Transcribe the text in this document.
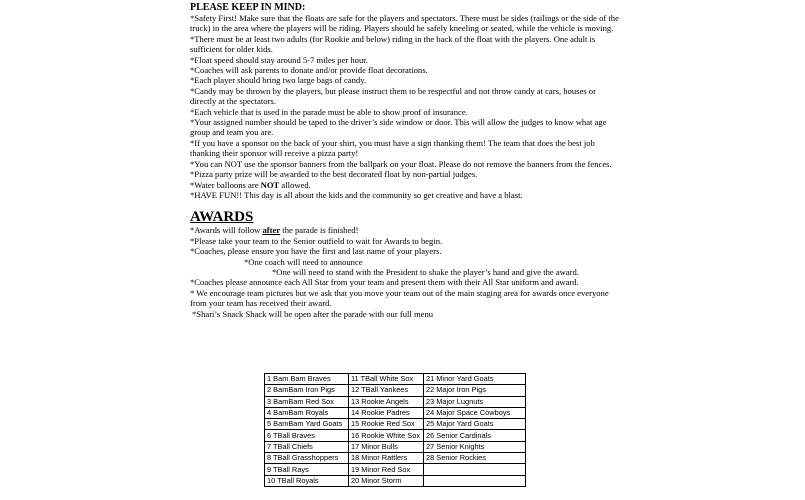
PLEASE KEEP IN MIND:

*Safety First! Make sure that the floats are safe for the players and spectators. There must be sides (railings or the side of the truck) in the area where the players will be riding. Players should be safely kneeling or seated, while the vehicle is moving.

*There must be at least two adults (for Rookie and below) riding in the back of the float with the players. One adult is sufficient for older kids.

*Float speed should stay around 5-7 miles per hour.

*Coaches will ask parents to donate and/or provide float decorations.

*Each player should bring two large bags of candy.

*Candy may be thrown by the players, but please instruct them to be respectful and not throw candy at cars, houses or directly at the spectators.

*Each vehicle that is used in the parade must be able to show proof of insurance.

*Your assigned number should be taped to the driver’s side window or door. This will allow the judges to know what age group and team you are.

*If you have a sponsor on the back of your shirt, you must have a sign thanking them! The team that does the best job thanking their sponsor will receive a pizza party!

*You can NOT use the sponsor banners from the ballpark on your float. Please do not remove the banners from the fences.

*Pizza party prize will be awarded to the best decorated float by non-partial judges.

*Water balloons are NOT allowed.

*HAVE FUN!! This day is all about the kids and the community so get creative and have a blast.

AWARDS

*Awards will follow after the parade is finished!

*Please take your team to the Senior outfield to wait for Awards to begin.

*Coaches, please ensure you have the first and last name of your players.

*One coach will need to announce

*One will need to stand with the President to shake the player’s hand and give the award.

*Coaches please announce each All Star from your team and present them with their All Star uniform and award.

* We encourage team pictures but we ask that you move your team out of the main staging area for awards once everyone from your team has received their award.

*Shari’s Snack Shack will be open after the parade with our full menu

1 Bam Bam Braves	11 TBall White Sox	21 Minor Yard Goats
2 BamBam Iron Pigs	12 TBall Yankees	22 Major Iron Pigs
3 BamBam Red Sox	13 Rookie Angels	23 Major Lugnuts
4 BamBam Royals	14 Rookie Padres	24 Major Space Cowboys
5 BamBam Yard Goats	15 Rookie Red Sox	25 Major Yard Goats
6 TBall Braves	16 Rookie White Sox	26 Senior Cardinals
7 TBall Chiefs	17 Minor Bulls	27 Senior Knights
8 TBall Grasshoppers	18 Minor Rattlers	28 Senior Rockies
9 TBall Rays	19 Minor Red Sox	
10 TBall Royals	20 Minor Storm	
